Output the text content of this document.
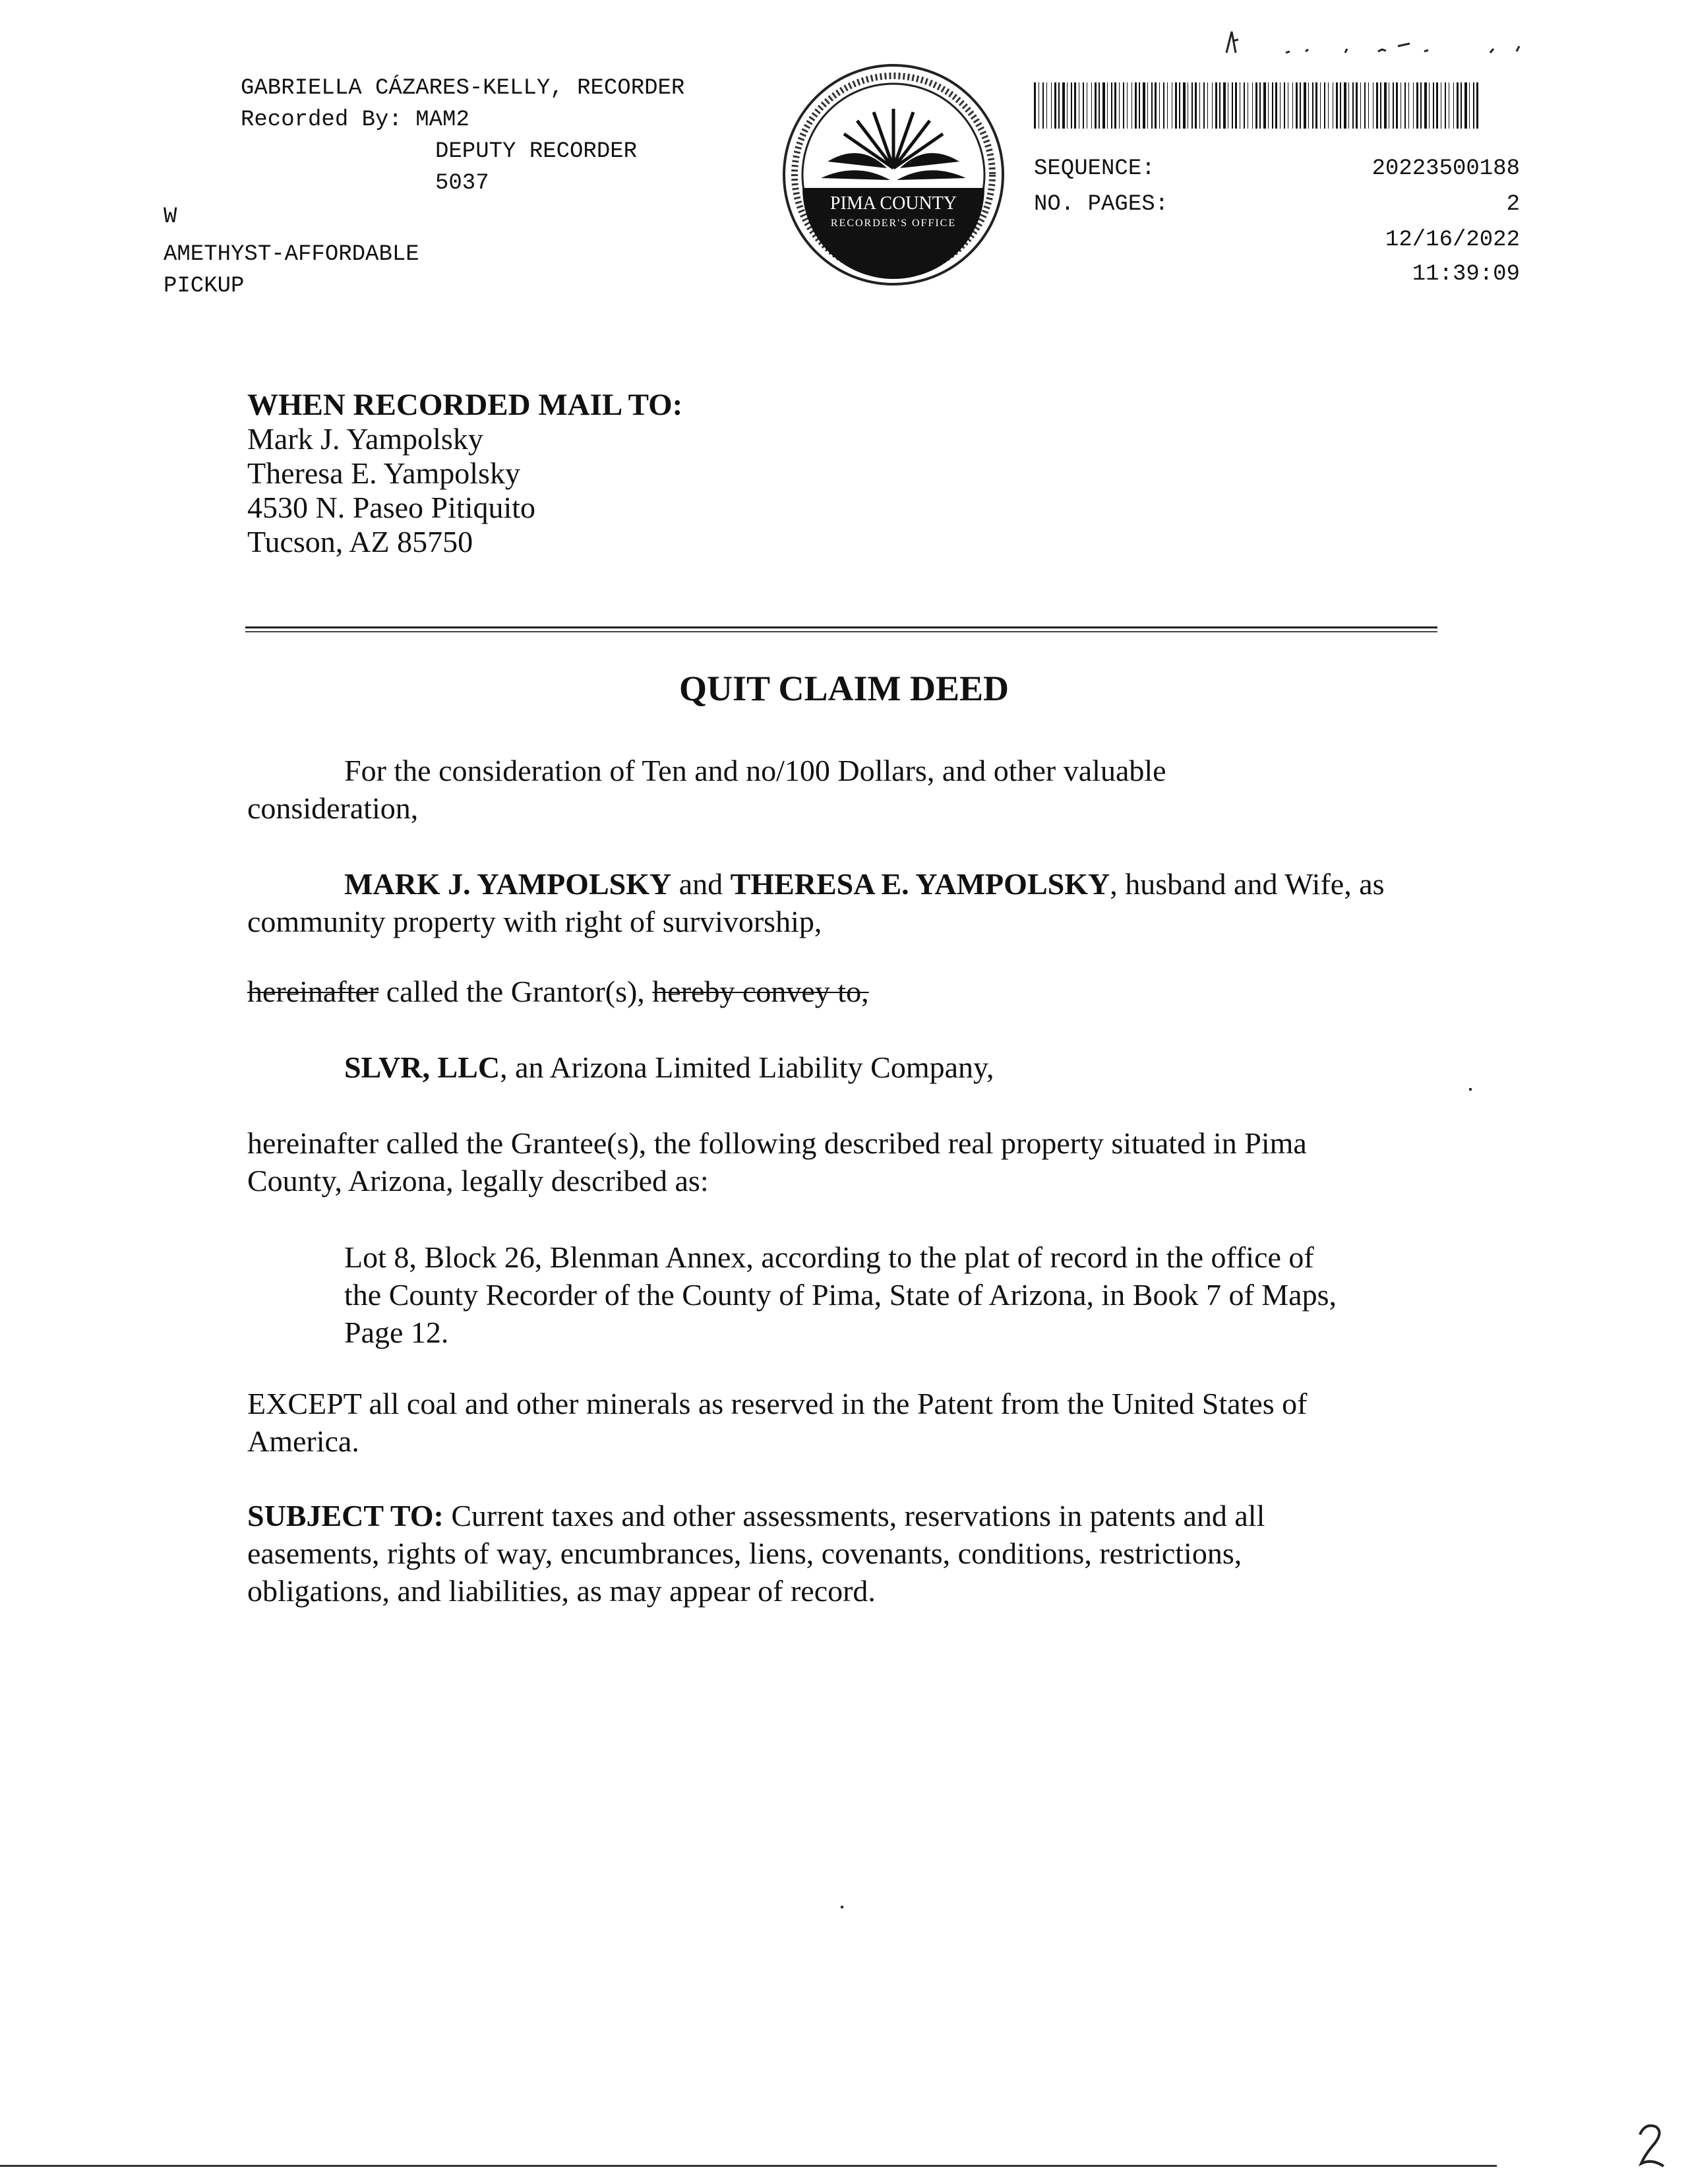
GABRIELLA CÁZARES-KELLY, RECORDER
Recorded By: MAM2
DEPUTY RECORDER
5037
W
AMETHYST-AFFORDABLE
PICKUP
PIMA COUNTY
RECORDER'S OFFICE
SEQUENCE:	20223500188
NO. PAGES:	2
12/16/2022
11:39:09
WHEN RECORDED MAIL TO:
Mark J. Yampolsky
Theresa E. Yampolsky
4530 N. Paseo Pitiquito
Tucson, AZ 85750
QUIT CLAIM DEED
For the consideration of Ten and no/100 Dollars, and other valuable
consideration,
MARK J. YAMPOLSKY and THERESA E. YAMPOLSKY, husband and Wife, as
community property with right of survivorship,
hereinafter called the Grantor(s), hereby convey to,
SLVR, LLC, an Arizona Limited Liability Company,
hereinafter called the Grantee(s), the following described real property situated in Pima
County, Arizona, legally described as:
Lot 8, Block 26, Blenman Annex, according to the plat of record in the office of
the County Recorder of the County of Pima, State of Arizona, in Book 7 of Maps,
Page 12.
EXCEPT all coal and other minerals as reserved in the Patent from the United States of
America.
SUBJECT TO: Current taxes and other assessments, reservations in patents and all
easements, rights of way, encumbrances, liens, covenants, conditions, restrictions,
obligations, and liabilities, as may appear of record.
